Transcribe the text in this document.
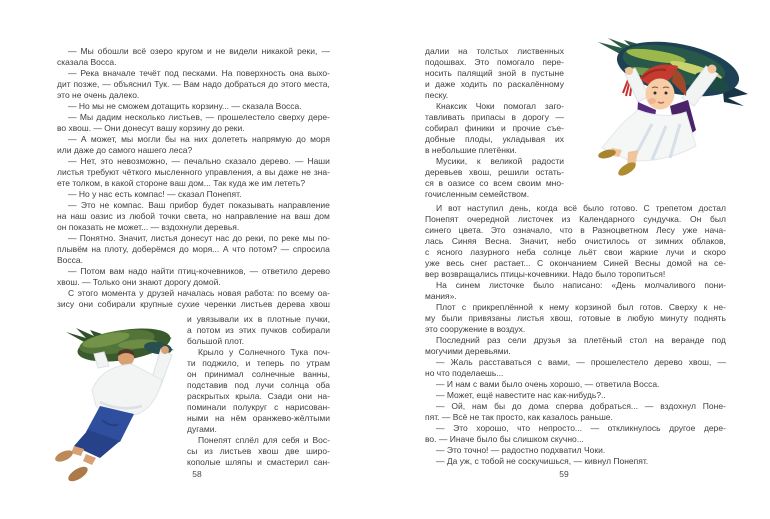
— Мы обошли всё озеро кругом и не видели никакой реки, —
сказала Восса.
— Река вначале течёт под песками. На поверхность она выхо-
дит позже, — объяснил Тук. — Вам надо добраться до этого места,
это не очень далеко.
— Но мы не сможем дотащить корзину... — сказала Восса.
— Мы дадим несколько листьев, — прошелестело сверху дере-
во хвош. — Они донесут вашу корзину до реки.
— А может, мы могли бы на них долететь напрямую до моря
или даже до самого нашего леса?
— Нет, это невозможно, — печально сказало дерево. — Наши
листья требуют чёткого мысленного управления, а вы даже не зна-
ете толком, в какой стороне ваш дом... Так куда же им лететь?
— Но у нас есть компас! — сказал Понепят.
— Это не компас. Ваш прибор будет показывать направление
на наш оазис из любой точки света, но направление на ваш дом
он показать не может... — вздохнули деревья.
— Понятно. Значит, листья донесут нас до реки, по реке мы по-
плывём на плоту, доберёмся до моря... А что потом? — спросила
Восса.
— Потом вам надо найти птиц-кочевников, — ответило дерево
хвош. — Только они знают дорогу домой.
С этого момента у друзей началась новая работа: по всему оа-
зису они собирали крупные сухие черенки листьев дерева хвош
и увязывали их в плотные пучки,
а потом из этих пучков собирали
большой плот.
Крыло у Солнечного Тука поч-
ти поджило, и теперь по утрам
он принимал солнечные ванны,
подставив под лучи солнца оба
раскрытых крыла. Сзади они на-
поминали полукруг с нарисован-
ными на нём оранжево-жёлтыми
дугами.
Понепят сплёл для себя и Вос-
сы из листьев хвош две широ-
кополые шляпы и смастерил сан-
58
далии на толстых лиственных
подошвах. Это помогало пере-
носить палящий зной в пустыне
и даже ходить по раскалённому
песку.
Кнаксик Чоки помогал заго-
тавливать припасы в дорогу —
собирал финики и прочие съе-
добные плоды, укладывая их
в небольшие плетёнки.
Мусики, к великой радости
деревьев хвош, решили остать-
ся в оазисе со всем своим мно-
гочисленным семейством.
И вот наступил день, когда всё было готово. С трепетом достал
Понепят очередной листочек из Календарного сундучка. Он был
синего цвета. Это означало, что в Разноцветном Лесу уже нача-
лась Синяя Весна. Значит, небо очистилось от зимних облаков,
с ясного лазурного неба солнце льёт свои жаркие лучи и скоро
уже весь снег растает... С окончанием Синей Весны домой на се-
вер возвращались птицы-кочевники. Надо было торопиться!
На синем листочке было написано: «День молчаливого пони-
мания».
Плот с прикреплённой к нему корзиной был готов. Сверху к не-
му были привязаны листья хвош, готовые в любую минуту поднять
это сооружение в воздух.
Последний раз сели друзья за плетёный стол на веранде под
могучими деревьями.
— Жаль расставаться с вами, — прошелестело дерево хвош, —
но что поделаешь...
— И нам с вами было очень хорошо, — ответила Восса.
— Может, ещё навестите нас как-нибудь?..
— Ой, нам бы до дома сперва добраться... — вздохнул Поне-
пят. — Всё не так просто, как казалось раньше.
— Это хорошо, что непросто... — откликнулось другое дере-
во. — Иначе было бы слишком скучно...
— Это точно! — радостно подхватил Чоки.
— Да уж, с тобой не соскучишься, — кивнул Понепят.
59
